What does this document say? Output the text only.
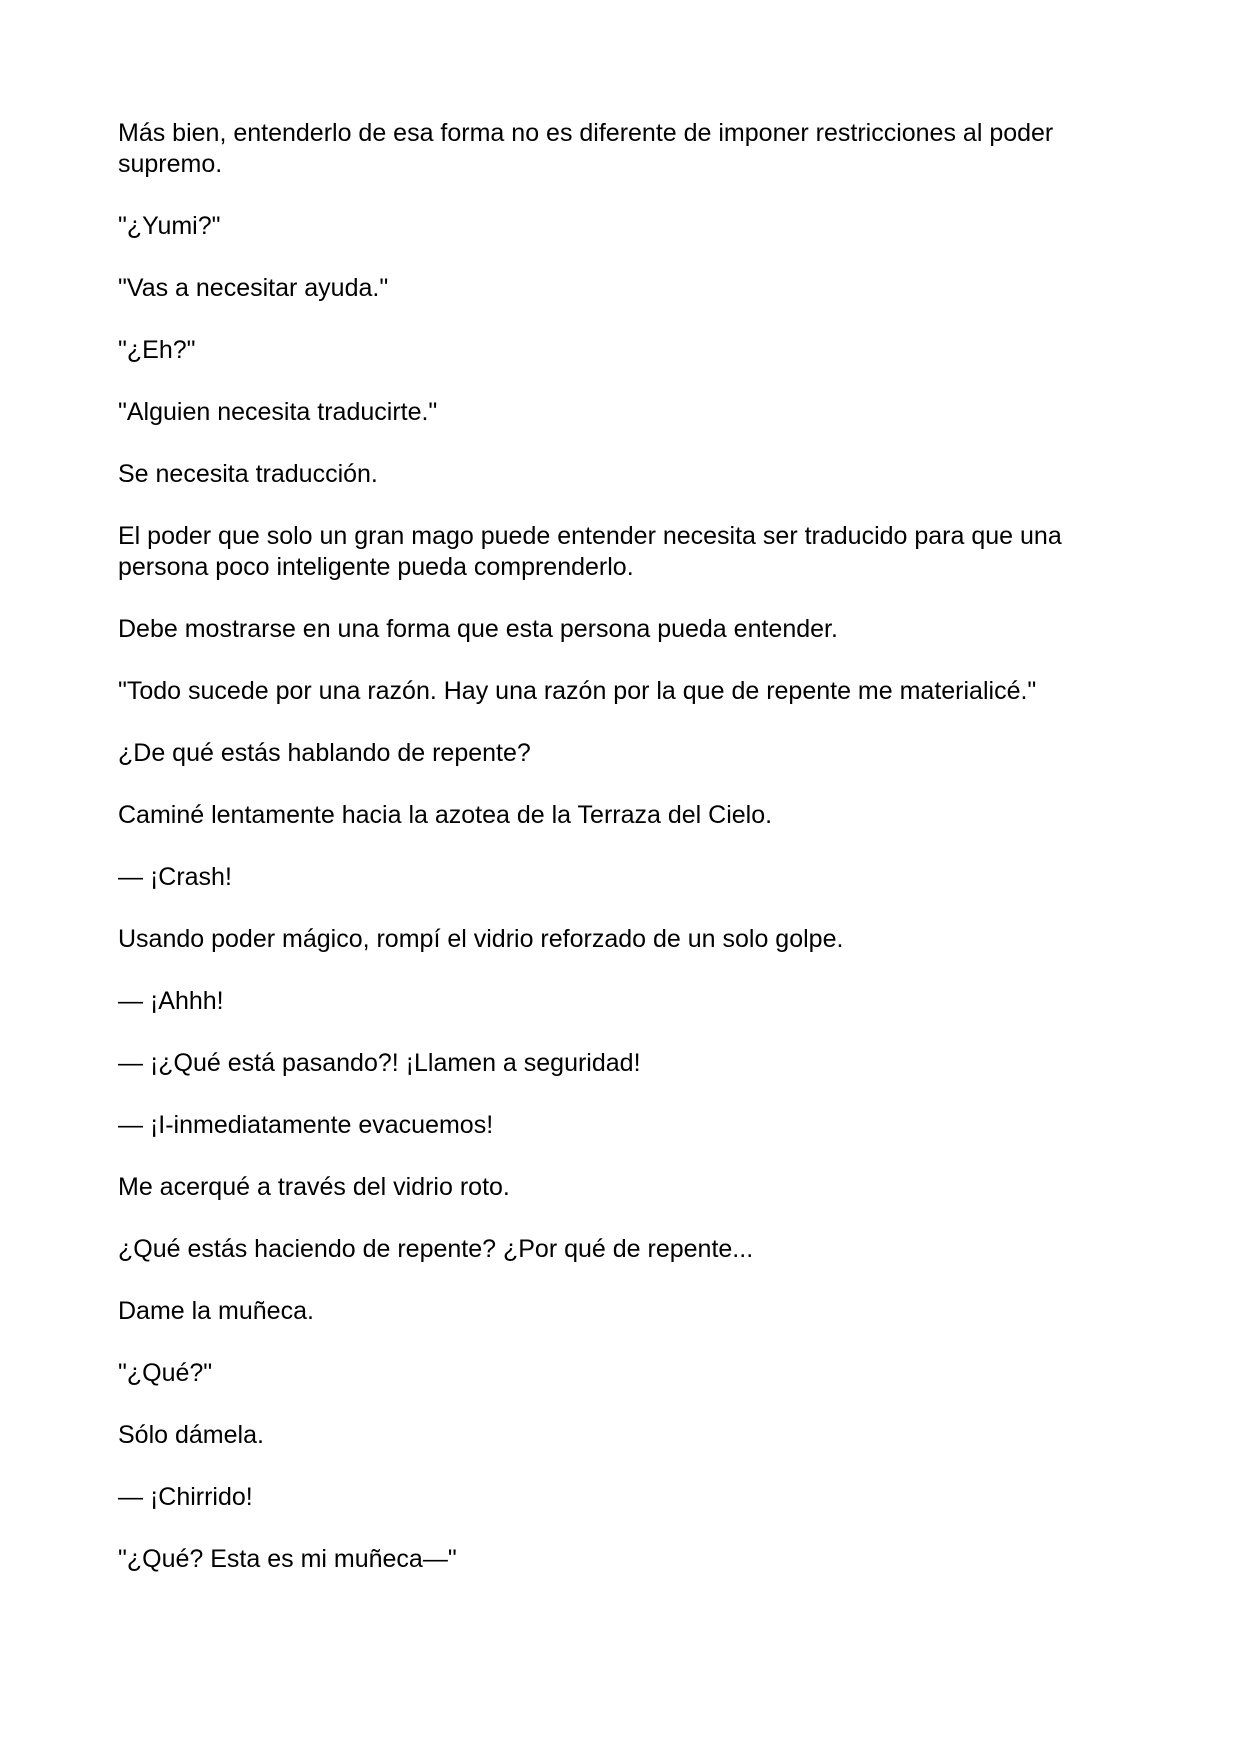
Más bien, entenderlo de esa forma no es diferente de imponer restricciones al poder supremo.

"¿Yumi?"

"Vas a necesitar ayuda."

"¿Eh?"

"Alguien necesita traducirte."

Se necesita traducción.

El poder que solo un gran mago puede entender necesita ser traducido para que una persona poco inteligente pueda comprenderlo.

Debe mostrarse en una forma que esta persona pueda entender.

"Todo sucede por una razón. Hay una razón por la que de repente me materialicé."

¿De qué estás hablando de repente?

Caminé lentamente hacia la azotea de la Terraza del Cielo.

— ¡Crash!

Usando poder mágico, rompí el vidrio reforzado de un solo golpe.

— ¡Ahhh!

— ¡¿Qué está pasando?! ¡Llamen a seguridad!

— ¡I-inmediatamente evacuemos!

Me acerqué a través del vidrio roto.

¿Qué estás haciendo de repente? ¿Por qué de repente...

Dame la muñeca.

"¿Qué?"

Sólo dámela.

— ¡Chirrido!

"¿Qué? Esta es mi muñeca—"
